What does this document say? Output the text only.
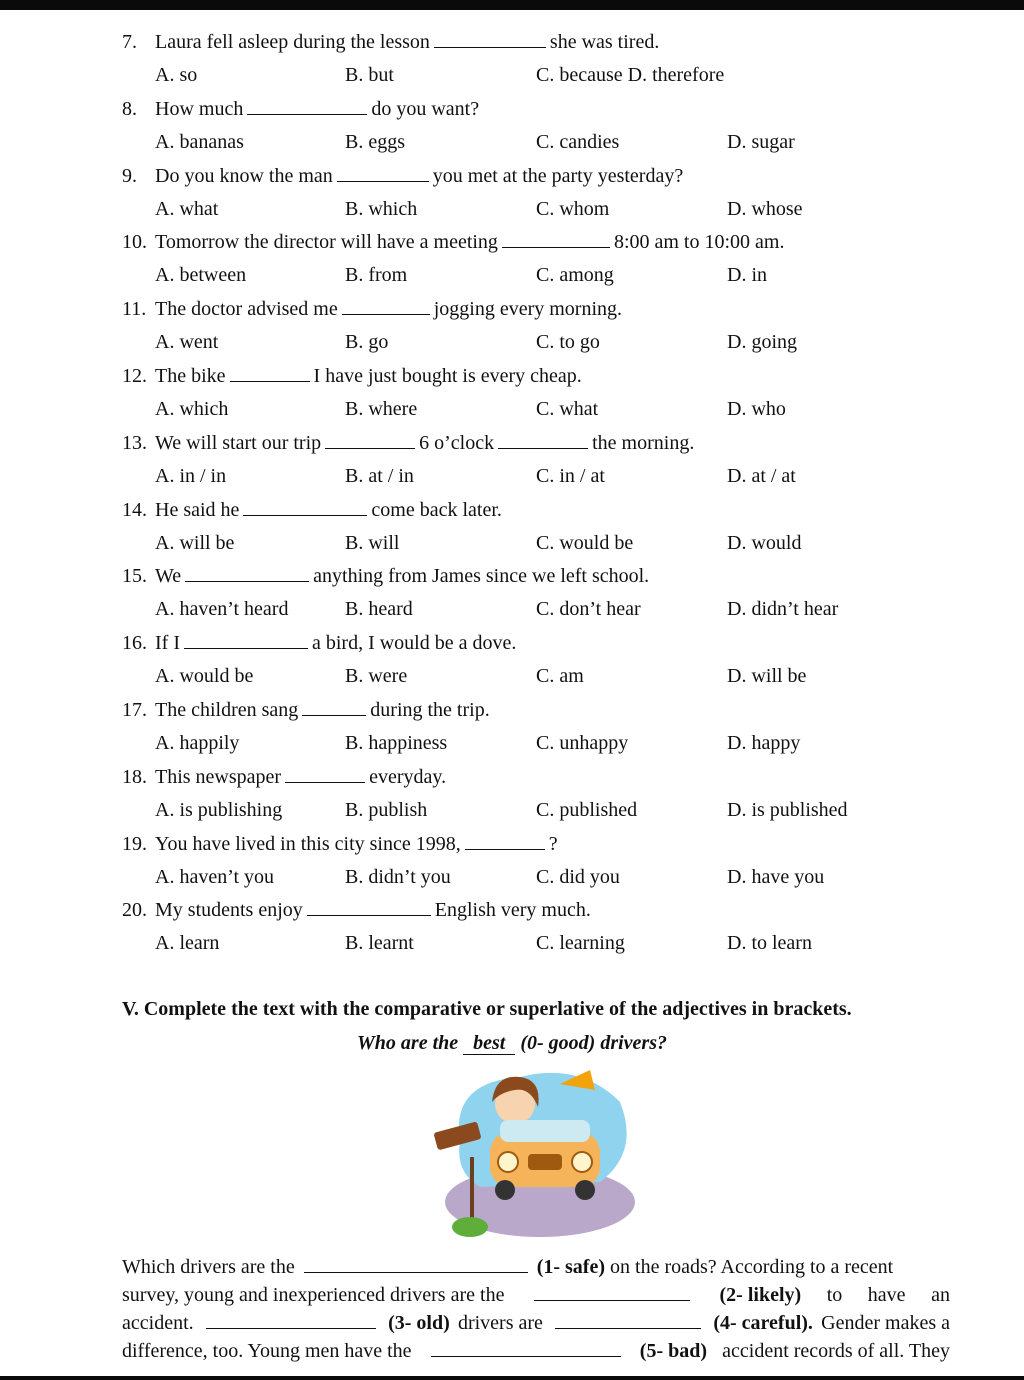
7. Laura fell asleep during the lesson	she was tired.
A. so	B. but	C. because D. therefore
8. How much	do you want?
A. bananas	B. eggs	C. candies	D. sugar
9. Do you know the man	you met at the party yesterday?
A. what	B. which	C. whom	D. whose
10. Tomorrow the director will have a meeting	8:00 am to 10:00 am.
A. between	B. from	C. among	D. in
11. The doctor advised me	jogging every morning.
A. went	B. go	C. to go	D. going
12. The bike	I have just bought is every cheap.
A. which	B. where	C. what	D. who
13. We will start our trip	6 o’clock	the morning.
A. in / in	B. at / in	C. in / at	D. at / at
14. He said he	come back later.
A. will be	B. will	C. would be	D. would
15. We	anything from James since we left school.
A. haven’t heard	B. heard	C. don’t hear	D. didn’t hear
16. If I	a bird, I would be a dove.
A. would be	B. were	C. am	D. will be
17. The children sang	during the trip.
A. happily	B. happiness	C. unhappy	D. happy
18. This newspaper	everyday.
A. is publishing	B. publish	C. published	D. is published
19. You have lived in this city since 1998,	?
A. haven’t you	B. didn’t you	C. did you	D. have you
20. My students enjoy	English very much.
A. learn	B. learnt	C. learning	D. to learn
V. Complete the text with the comparative or superlative of the adjectives in brackets.
Who are the best (0- good) drivers?
Which drivers are the	(1- safe) on the roads? According to a recent
survey, young and inexperienced drivers are the	(2- likely) to have an
accident.	(3- old) drivers are	(4- careful). Gender makes a
difference, too. Young men have the	(5- bad) accident records of all. They
